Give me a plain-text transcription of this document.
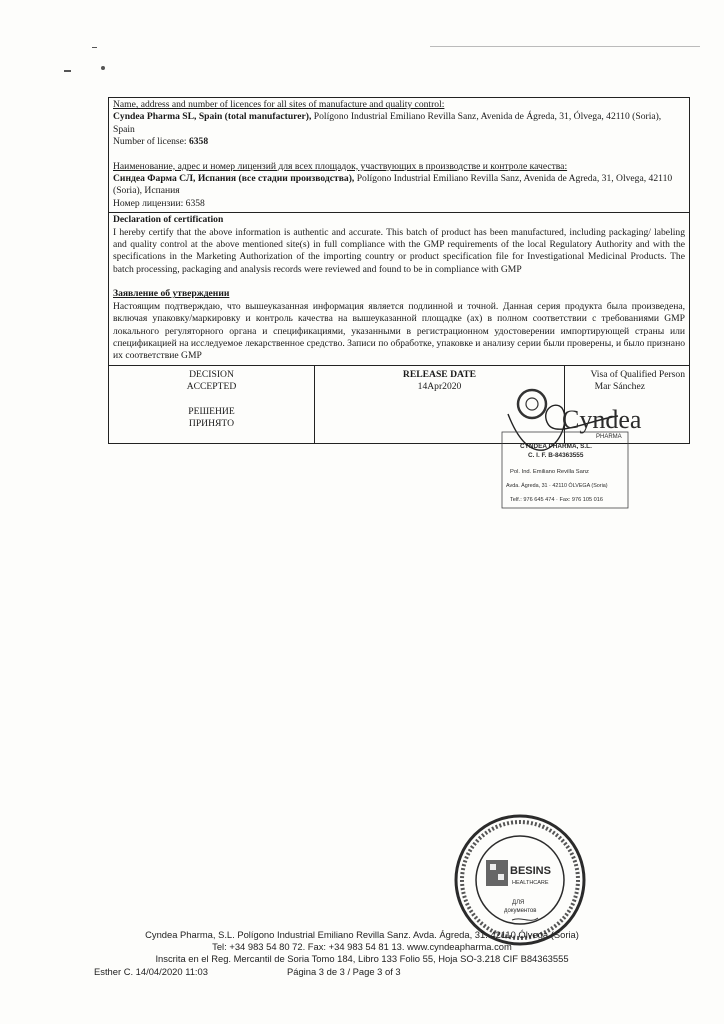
Name, address and number of licences for all sites of manufacture and quality control:
Cyndea Pharma SL, Spain (total manufacturer), Polígono Industrial Emiliano Revilla Sanz, Avenida de Ágreda, 31, Ólvega, 42110 (Soria), Spain
Number of license: 6358
Наименование, адрес и номер лицензий для всех площадок, участвующих в производстве и контроле качества:
Синдеа Фарма СЛ, Испания (все стадии производства), Polígono Industrial Emiliano Revilla Sanz, Avenida de Agreda, 31, Olvega, 42110 (Soria), Испания
Номер лицензии: 6358
Declaration of certification
I hereby certify that the above information is authentic and accurate. This batch of product has been manufactured, including packaging/ labeling and quality control at the above mentioned site(s) in full compliance with the GMP requirements of the local Regulatory Authority and with the specifications in the Marketing Authorization of the importing country or product specification file for Investigational Medicinal Products. The batch processing, packaging and analysis records were reviewed and found to be in compliance with GMP
Заявление об утверждении
Настоящим подтверждаю, что вышеуказанная информация является подлинной и точной. Данная серия продукта была произведена, включая упаковку/маркировку и контроль качества на вышеуказанной площадке (ах) в полном соответствии с требованиями GMP локального регуляторного органа и спецификациями, указанными в регистрационном удостоверении импортирующей страны или спецификацией на исследуемое лекарственное средство. Записи по обработке, упаковке и анализу серии были проверены, и было признано их соответствие GMP
DECISION
ACCEPTED
РЕШЕНИЕ
ПРИНЯТО
RELEASE DATE
14Apr2020
Visa of Qualified Person
Mar Sánchez
Cyndea
PHARMA
CYNDEA PHARMA, S.L.
C. I. F. B-84363555
Pol. Ind. Emiliano Revilla Sanz
Avda. Ágreda, 31 · 42110 ÓLVEGA (Soria)
Telf.: 976 645 474 · Fax: 976 105 016
BESINS
HEALTHCARE
ДЛЯ
документов
Cyndea Pharma, S.L. Polígono Industrial Emiliano Revilla Sanz. Avda. Ágreda, 31. 42110 Ólvega (Soria)
Tel: +34 983 54 80 72. Fax: +34 983 54 81 13. www.cyndeapharma.com
Inscrita en el Reg. Mercantil de Soria Tomo 184, Libro 133 Folio 55, Hoja SO-3.218 CIF B84363555
Esther C. 14/04/2020 11:03	Página 3 de 3 / Page 3 of 3
